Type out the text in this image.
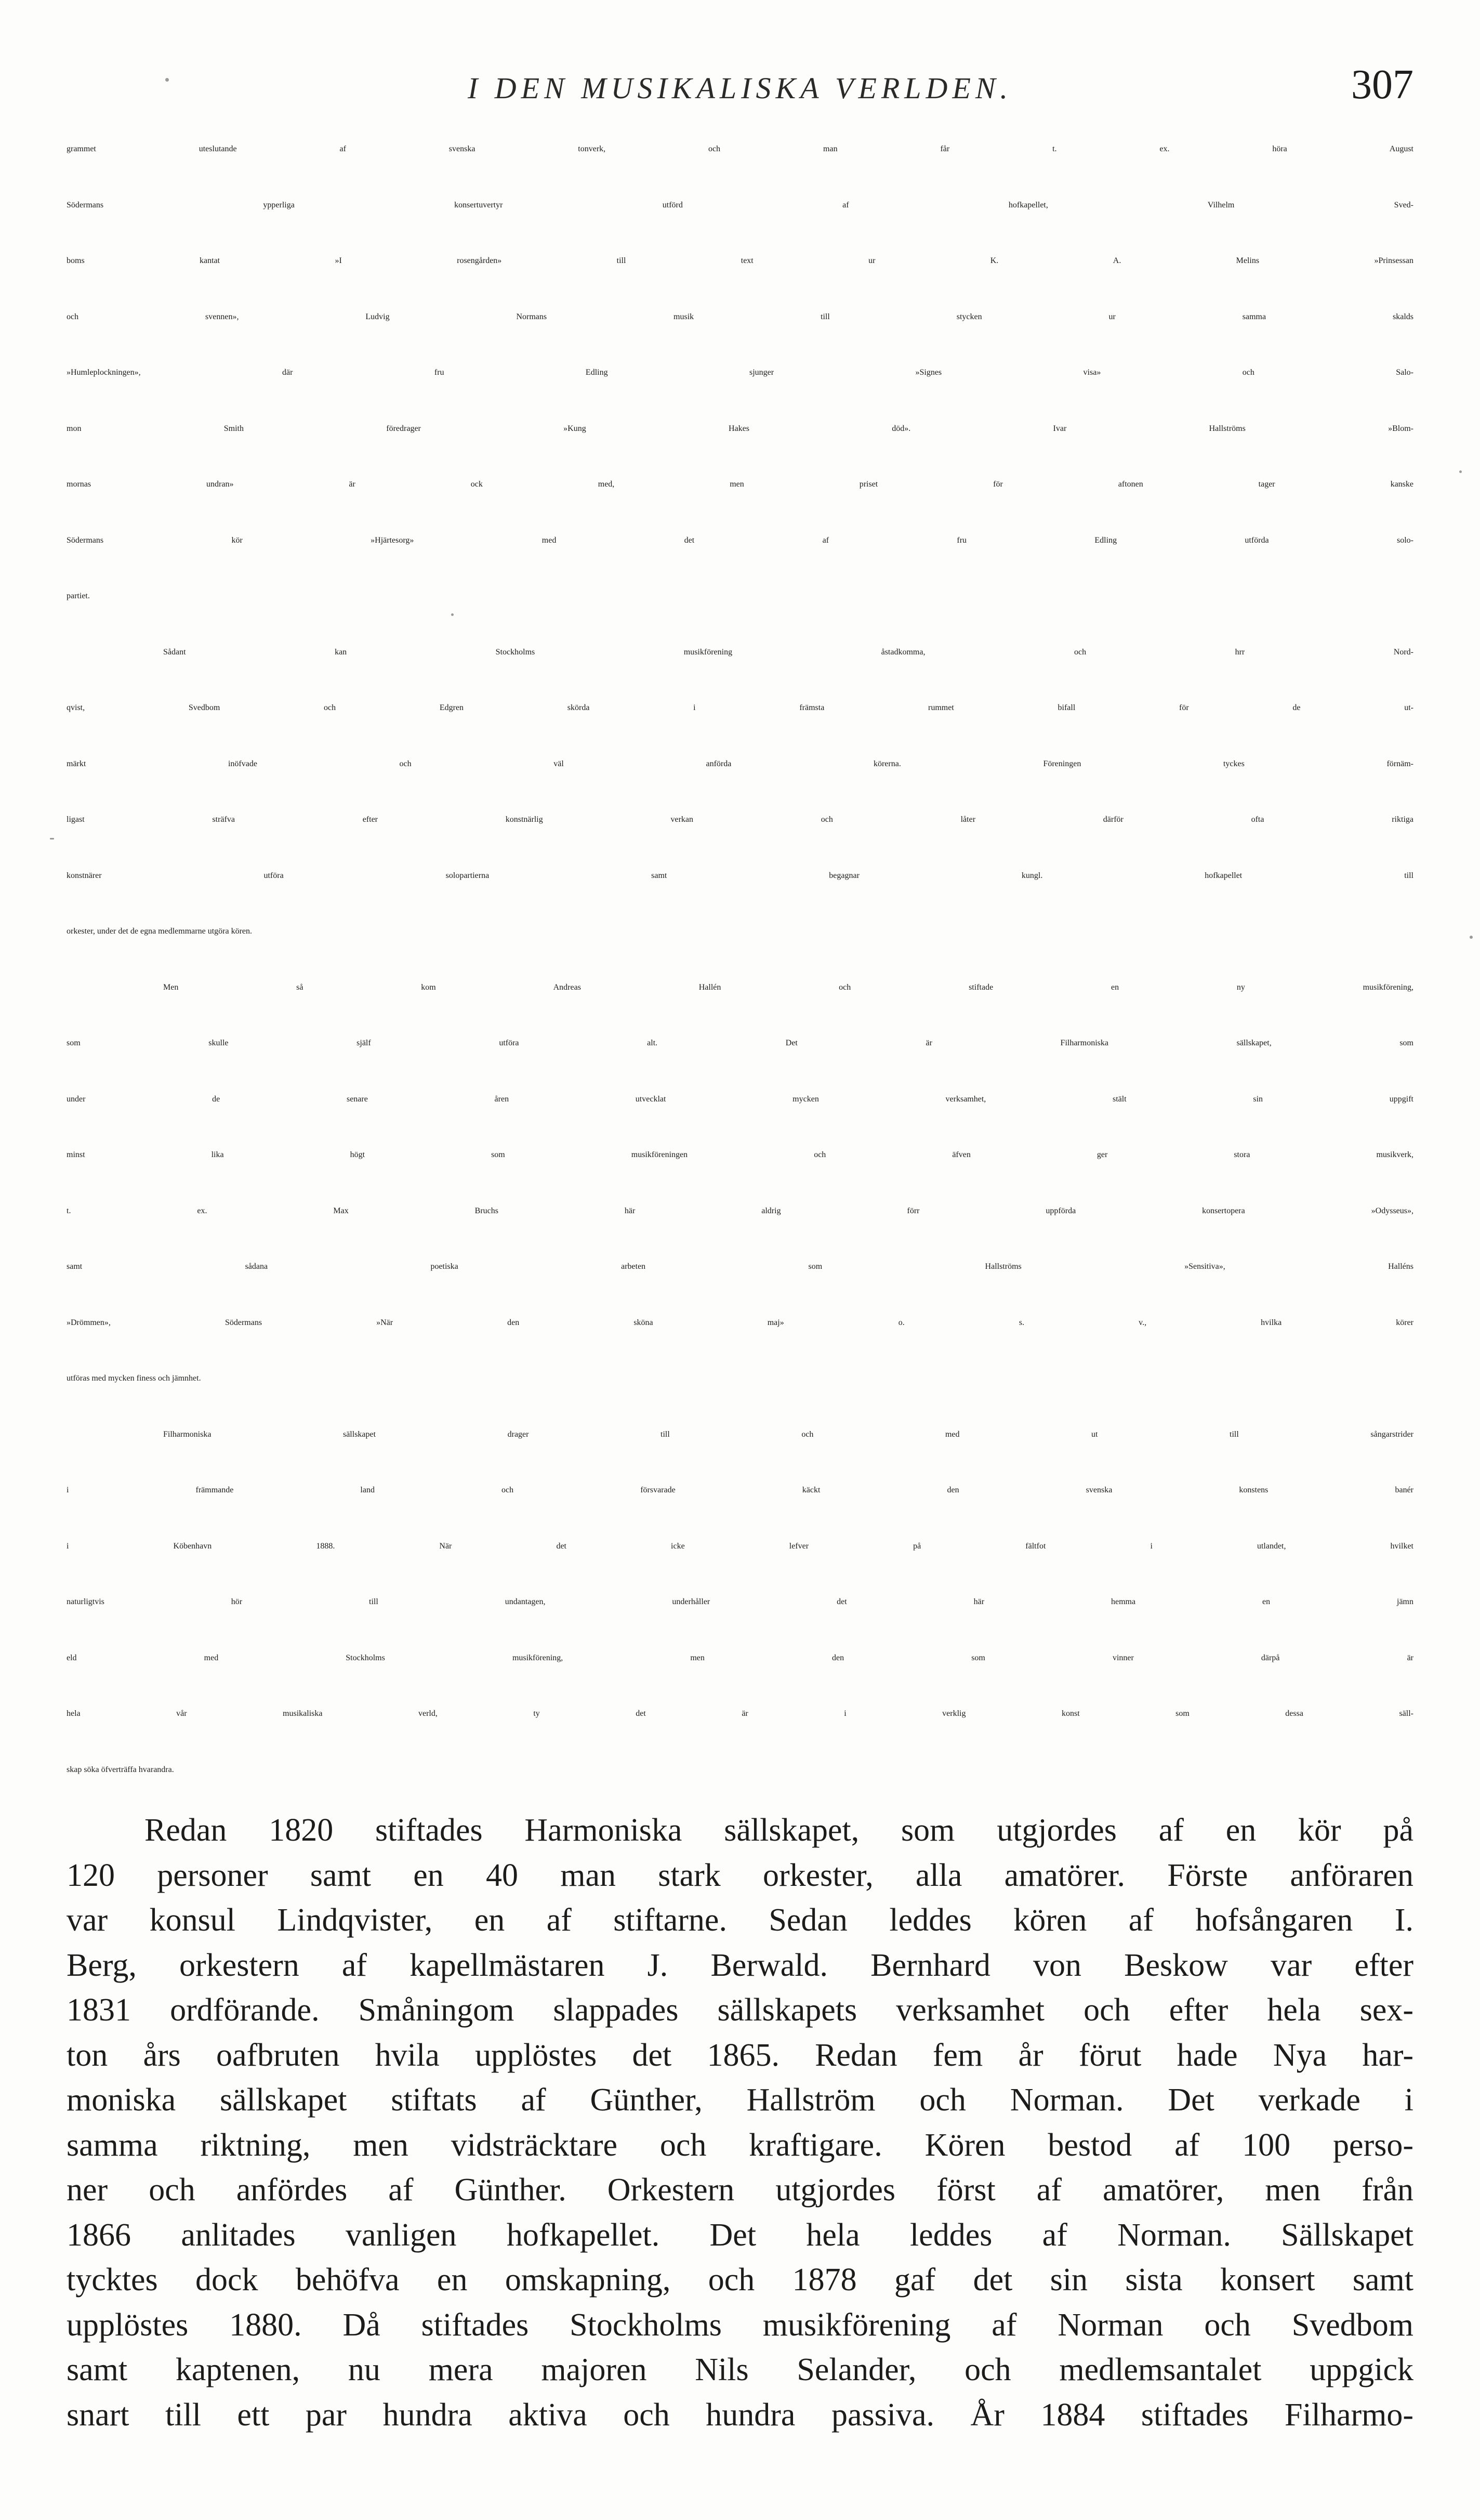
I DEN MUSIKALISKA VERLDEN.	307
grammet uteslutande af svenska tonverk, och man får t. ex. höra August
Södermans ypperliga konsertuvertyr utförd af hofkapellet, Vilhelm Sved-
boms kantat »I rosengården» till text ur K. A. Melins »Prinsessan
och svennen», Ludvig Normans musik till stycken ur samma skalds
»Humleplockningen», där fru Edling sjunger »Signes visa» och Salo-
mon Smith föredrager »Kung Hakes död». Ivar Hallströms »Blom-
mornas undran» är ock med, men priset för aftonen tager kanske
Södermans kör »Hjärtesorg» med det af fru Edling utförda solo-
partiet.
Sådant kan Stockholms musikförening åstadkomma, och hrr Nord-
qvist, Svedbom och Edgren skörda i främsta rummet bifall för de ut-
märkt inöfvade och väl anförda körerna. Föreningen tyckes förnäm-
ligast sträfva efter konstnärlig verkan och låter därför ofta riktiga
konstnärer utföra solopartierna samt begagnar kungl. hofkapellet till
orkester, under det de egna medlemmarne utgöra kören.
Men så kom Andreas Hallén och stiftade en ny musikförening,
som skulle själf utföra alt. Det är Filharmoniska sällskapet, som
under de senare åren utvecklat mycken verksamhet, stält sin uppgift
minst lika högt som musikföreningen och äfven ger stora musikverk,
t. ex. Max Bruchs här aldrig förr uppförda konsertopera »Odysseus»,
samt sådana poetiska arbeten som Hallströms »Sensitiva», Halléns
»Drömmen», Södermans »När den sköna maj» o. s. v., hvilka körer
utföras med mycken finess och jämnhet.
Filharmoniska sällskapet drager till och med ut till sångarstrider
i främmande land och försvarade käckt den svenska konstens banér
i Köbenhavn 1888. När det icke lefver på fältfot i utlandet, hvilket
naturligtvis hör till undantagen, underhåller det här hemma en jämn
eld med Stockholms musikförening, men den som vinner därpå är
hela vår musikaliska verld, ty det är i verklig konst som dessa säll-
skap söka öfverträffa hvarandra.
Redan 1820 stiftades Harmoniska sällskapet, som utgjordes af en kör på
120 personer samt en 40 man stark orkester, alla amatörer. Förste anföraren
var konsul Lindqvister, en af stiftarne. Sedan leddes kören af hofsångaren I.
Berg, orkestern af kapellmästaren J. Berwald. Bernhard von Beskow var efter
1831 ordförande. Småningom slappades sällskapets verksamhet och efter hela sex-
ton års oafbruten hvila upplöstes det 1865. Redan fem år förut hade Nya har-
moniska sällskapet stiftats af Günther, Hallström och Norman. Det verkade i
samma riktning, men vidsträcktare och kraftigare. Kören bestod af 100 perso-
ner och anfördes af Günther. Orkestern utgjordes först af amatörer, men från
1866 anlitades vanligen hofkapellet. Det hela leddes af Norman. Sällskapet
tycktes dock behöfva en omskapning, och 1878 gaf det sin sista konsert samt
upplöstes 1880. Då stiftades Stockholms musikförening af Norman och Svedbom
samt kaptenen, nu mera majoren Nils Selander, och medlemsantalet uppgick
snart till ett par hundra aktiva och hundra passiva. År 1884 stiftades Filharmo-
